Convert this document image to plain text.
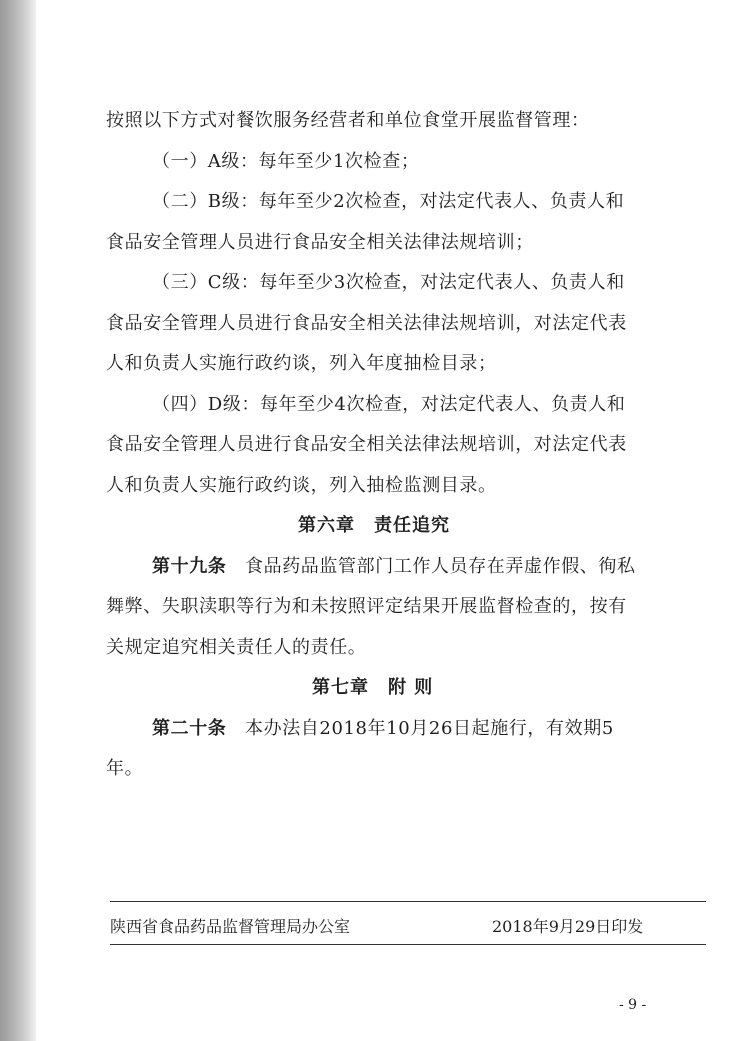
按照以下方式对餐饮服务经营者和单位食堂开展监督管理：
（一）A级：每年至少1次检查；
（二）B级：每年至少2次检查，对法定代表人、负责人和
食品安全管理人员进行食品安全相关法律法规培训；
（三）C级：每年至少3次检查，对法定代表人、负责人和
食品安全管理人员进行食品安全相关法律法规培训，对法定代表
人和负责人实施行政约谈，列入年度抽检目录；
（四）D级：每年至少4次检查，对法定代表人、负责人和
食品安全管理人员进行食品安全相关法律法规培训，对法定代表
人和负责人实施行政约谈，列入抽检监测目录。
第六章　责任追究
第十九条　食品药品监管部门工作人员存在弄虚作假、徇私
舞弊、失职渎职等行为和未按照评定结果开展监督检查的，按有
关规定追究相关责任人的责任。
第七章　附 则
第二十条　本办法自2018年10月26日起施行，有效期5
年。
陕西省食品药品监督管理局办公室	2018年9月29日印发
- 9 -
